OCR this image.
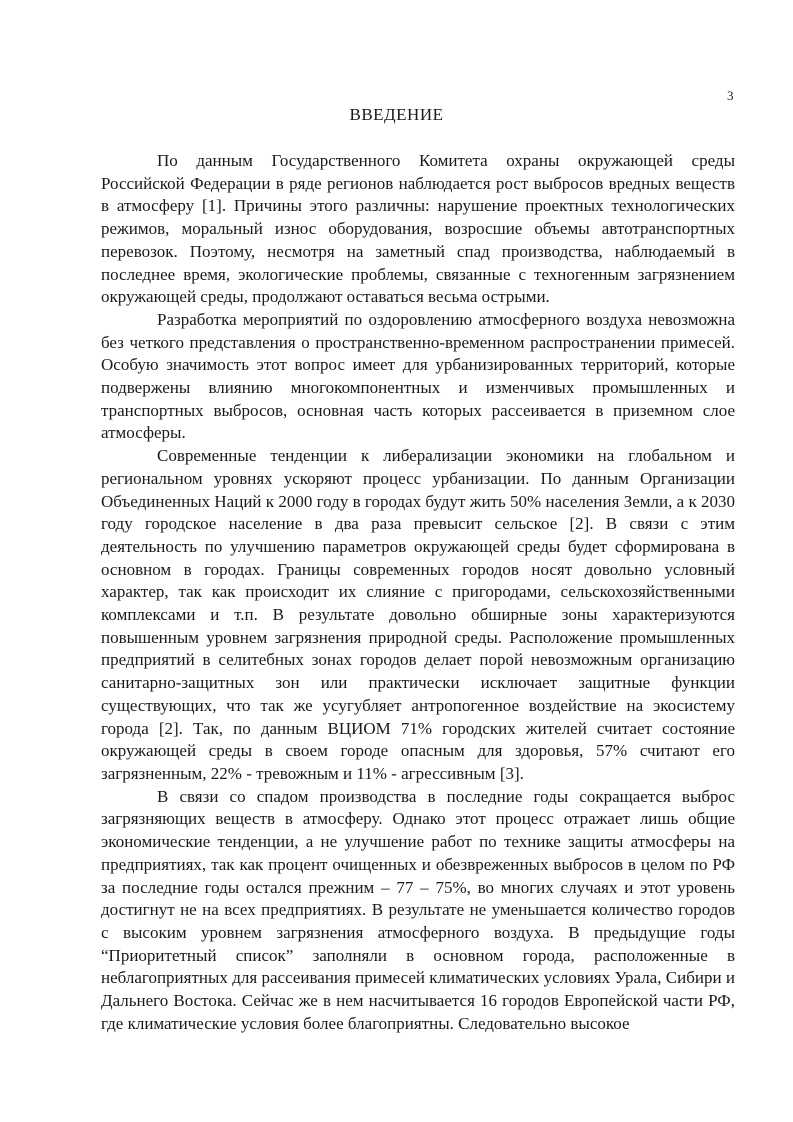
3
ВВЕДЕНИЕ

По данным Государственного Комитета охраны окружающей среды Российской Федерации в ряде регионов наблюдается рост выбросов вредных веществ в атмосферу [1]. Причины этого различны: нарушение проектных технологических режимов, моральный износ оборудования, возросшие объемы автотранспортных перевозок. Поэтому, несмотря на заметный спад производства, наблюдаемый в последнее время, экологические проблемы, связанные с техногенным загрязнением окружающей среды, продолжают оставаться весьма острыми.

Разработка мероприятий по оздоровлению атмосферного воздуха невозможна без четкого представления о пространственно-временном распространении примесей. Особую значимость этот вопрос имеет для урбанизированных территорий, которые подвержены влиянию многокомпонентных и изменчивых промышленных и транспортных выбросов, основная часть которых рассеивается в приземном слое атмосферы.

Современные тенденции к либерализации экономики на глобальном и региональном уровнях ускоряют процесс урбанизации. По данным Организации Объединенных Наций к 2000 году в городах будут жить 50% населения Земли, а к 2030 году городское население в два раза превысит сельское [2]. В связи с этим деятельность по улучшению параметров окружающей среды будет сформирована в основном в городах. Границы современных городов носят довольно условный характер, так как происходит их слияние с пригородами, сельскохозяйственными комплексами и т.п. В результате довольно обширные зоны характеризуются повышенным уровнем загрязнения природной среды. Расположение промышленных предприятий в селитебных зонах городов делает порой невозможным организацию санитарно-защитных зон или практически исключает защитные функции существующих, что так же усугубляет антропогенное воздействие на экосистему города [2]. Так, по данным ВЦИОМ 71% городских жителей считает состояние окружающей среды в своем городе опасным для здоровья, 57% считают его загрязненным, 22% - тревожным и 11% - агрессивным [3].

В связи со спадом производства в последние годы сокращается выброс загрязняющих веществ в атмосферу. Однако этот процесс отражает лишь общие экономические тенденции, а не улучшение работ по технике защиты атмосферы на предприятиях, так как процент очищенных и обезвреженных выбросов в целом по РФ за последние годы остался прежним – 77 – 75%, во многих случаях и этот уровень достигнут не на всех предприятиях. В результате не уменьшается количество городов с высоким уровнем загрязнения атмосферного воздуха. В предыдущие годы “Приоритетный список” заполняли в основном города, расположенные в неблагоприятных для рассеивания примесей климатических условиях Урала, Сибири и Дальнего Востока. Сейчас же в нем насчитывается 16 городов Европейской части РФ, где климатические условия более благоприятны. Следовательно высокое
